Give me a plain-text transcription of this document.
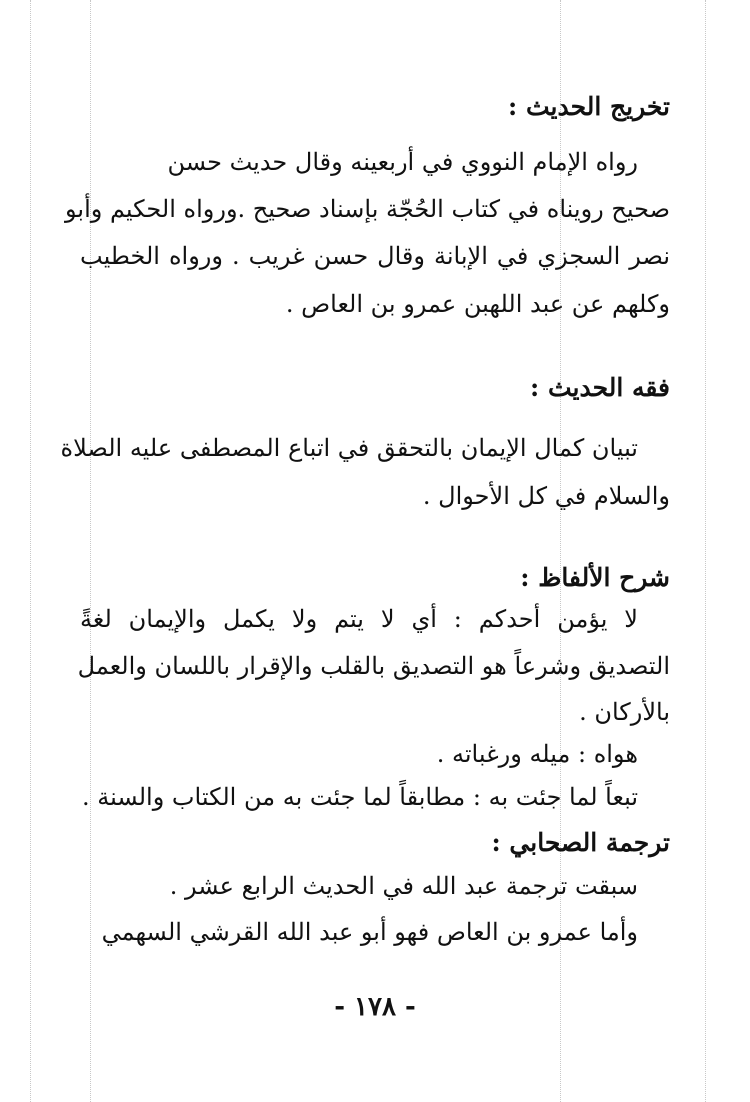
تخريج الحديث :
رواه الإمام النووي في أربعينه وقال حديث حسن
صحيح رويناه في كتاب الحُجّة بإسناد صحيح .ورواه الحكيم وأبو
نصر السجزي في الإبانة وقال حسن غريب . ورواه الخطيب
وكلهم عن عبد اللهبن عمرو بن العاص .
فقه الحديث :
تبيان كمال الإيمان بالتحقق في اتباع المصطفى عليه الصلاة
والسلام في كل الأحوال .
شرح الألفاظ :
لا يؤمن أحدكم : أي لا يتم ولا يكمل والإيمان لغةً
التصديق وشرعاً هو التصديق بالقلب والإقرار باللسان والعمل
بالأركان .
هواه : ميله ورغباته .
تبعاً لما جئت به : مطابقاً لما جئت به من الكتاب والسنة .
ترجمة الصحابي :
سبقت ترجمة عبد الله في الحديث الرابع عشر .
وأما عمرو بن العاص فهو أبو عبد الله القرشي السهمي
- ١٧٨ -
